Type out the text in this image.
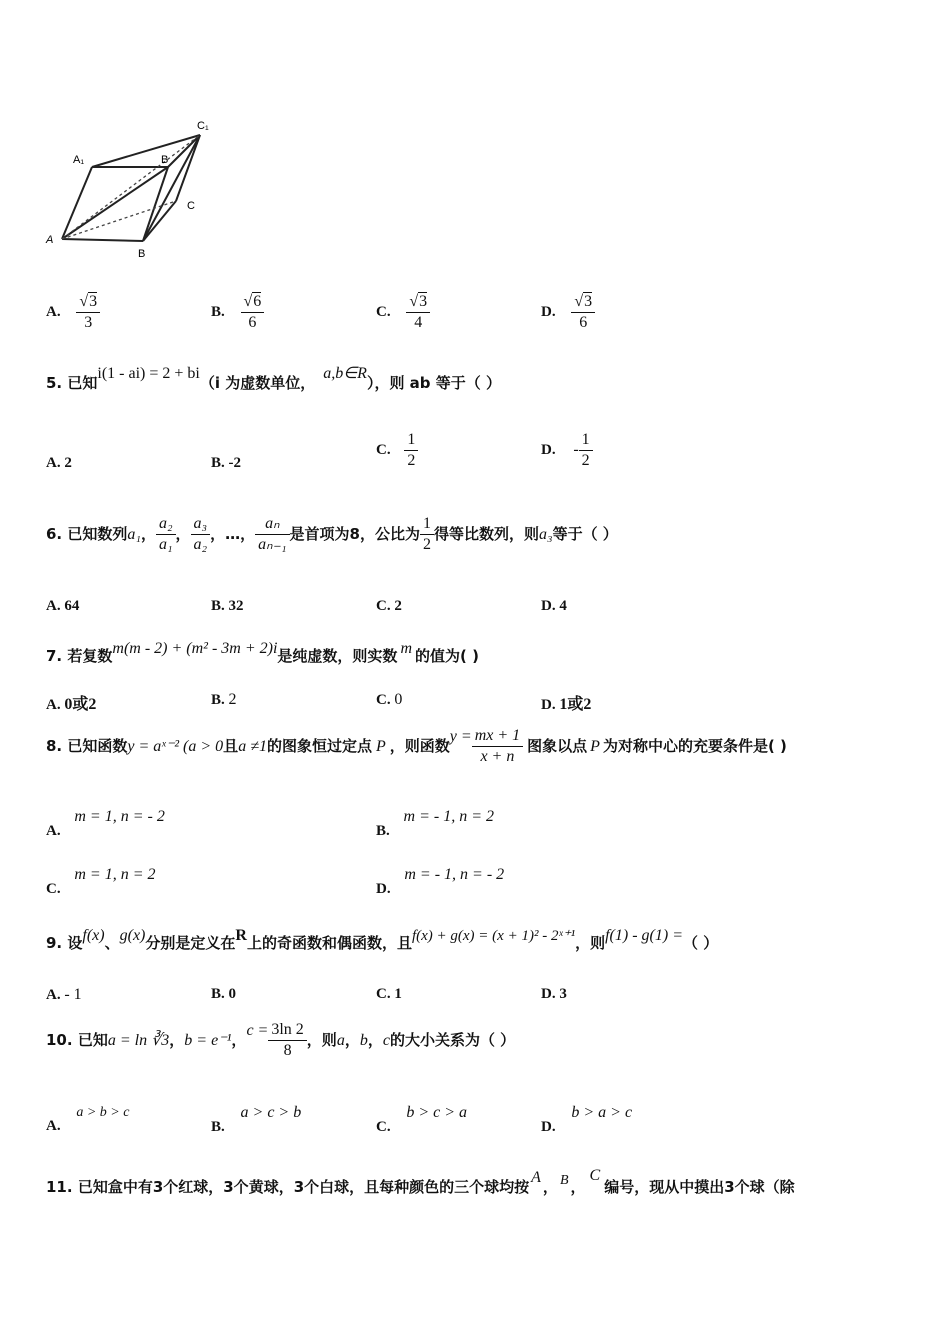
C₁
A₁	B
C
A
B
A. $\frac{√3}{3}$	B. $\frac{√6}{6}$	C. $\frac{√3}{4}$	D. $\frac{√3}{6}$
5. 已知i(1 - ai) = 2 + bi（i 为虚数单位，a,b∈R），则 ab 等于（ ）
A. 2	B. -2
C. $\frac{1}{2}$	D. - $\frac{1}{2}$
6. 已知数列a₁， $\frac{\text{a₂}}{\text{a₁}}$ ， $\frac{\text{a₃}}{\text{a₂}}$ ，…， $\frac{\text{aₙ}}{\text{aₙ₋₁}}$ 是首项为8，公比为 $\frac{1}{2}$ 得等比数列，则a₃等于（ ）
A. 64	B. 32	C. 2	D. 4
7. 若复数m(m - 2) + (m² - 3m + 2)i是纯虚数，则实数 m 的值为( )
A. 0或2	B. 2	C. 0	D. 1或2
8. 已知函数y = aˣ⁻² (a > 0且a ≠1的图象恒过定点 P ，则函数$y = \frac{mx + 1}{x + n}$ 图象以点 P 为对称中心的充要条件是( )
A. m = 1, n = - 2
B. m = - 1, n = 2
C. m = 1, n = 2
D. m = - 1, n = - 2
9. 设f(x)、g(x)分别是定义在R上的奇函数和偶函数，且f(x) + g(x) = (x + 1)² - 2ˣ⁺¹，则f(1) - g(1) =（ ）
A. - 1	B. 0	C. 1	D. 3
10. 已知a = ln ∛3，b = e⁻¹，$c = \frac{3\ln 2}{8}$ ，则a，b，c的大小关系为（ ）
A. a > b > c
B. a > c > b
C. b > c > a
D. b > a > c
11. 已知盒中有3个红球，3个黄球，3个白球，且每种颜色的三个球均按A， B ，C编号，现从中摸出3个球（除
